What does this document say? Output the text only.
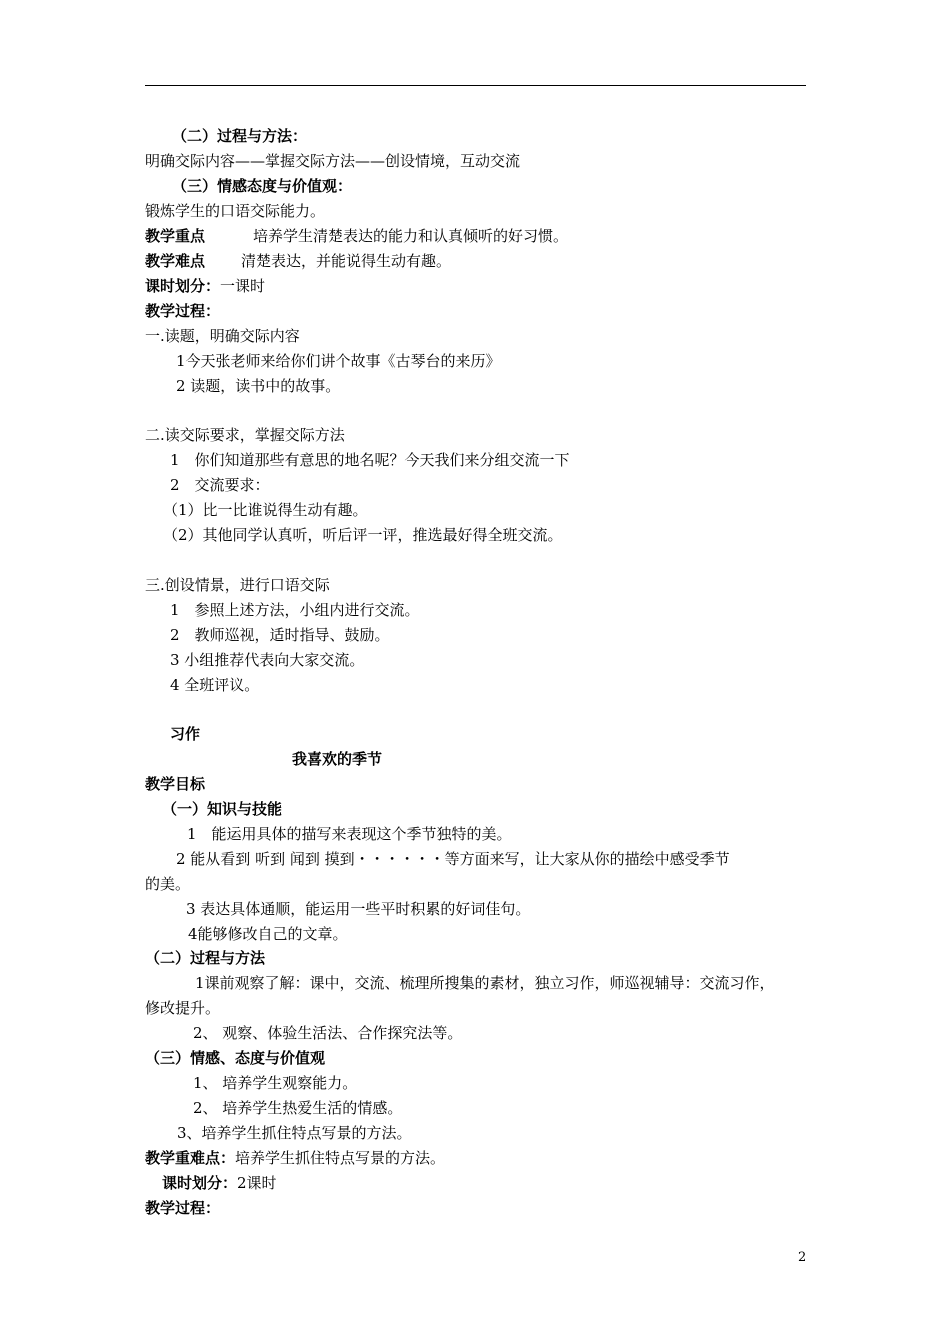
（二）过程与方法：
明确交际内容——掌握交际方法——创设情境，互动交流
（三）情感态度与价值观：
锻炼学生的口语交际能力。
教学重点	培养学生清楚表达的能力和认真倾听的好习惯。
教学难点 清楚表达，并能说得生动有趣。
课时划分：一课时
教学过程：
一.读题，明确交际内容
1今天张老师来给你们讲个故事《古琴台的来历》
2 读题，读书中的故事。
二.读交际要求，掌握交际方法
1　你们知道那些有意思的地名呢？今天我们来分组交流一下
2　交流要求：
（1）比一比谁说得生动有趣。
（2）其他同学认真听，听后评一评，推选最好得全班交流。
三.创设情景，进行口语交际
1　参照上述方法，小组内进行交流。
2　教师巡视，适时指导、鼓励。
3 小组推荐代表向大家交流。
4 全班评议。
习作
我喜欢的季节
教学目标
（一）知识与技能
1　能运用具体的描写来表现这个季节独特的美。
2 能从看到 听到 闻到 摸到・・・・・・等方面来写，让大家从你的描绘中感受季节
的美。
3 表达具体通顺，能运用一些平时积累的好词佳句。
4能够修改自己的文章。
（二）过程与方法
1课前观察了解：课中，交流、梳理所搜集的素材，独立习作，师巡视辅导：交流习作，
修改提升。
2、 观察、体验生活法、合作探究法等。
（三）情感、态度与价值观
1、 培养学生观察能力。
2、 培养学生热爱生活的情感。
3、培养学生抓住特点写景的方法。
教学重难点：培养学生抓住特点写景的方法。
课时划分：2课时
教学过程：
2
